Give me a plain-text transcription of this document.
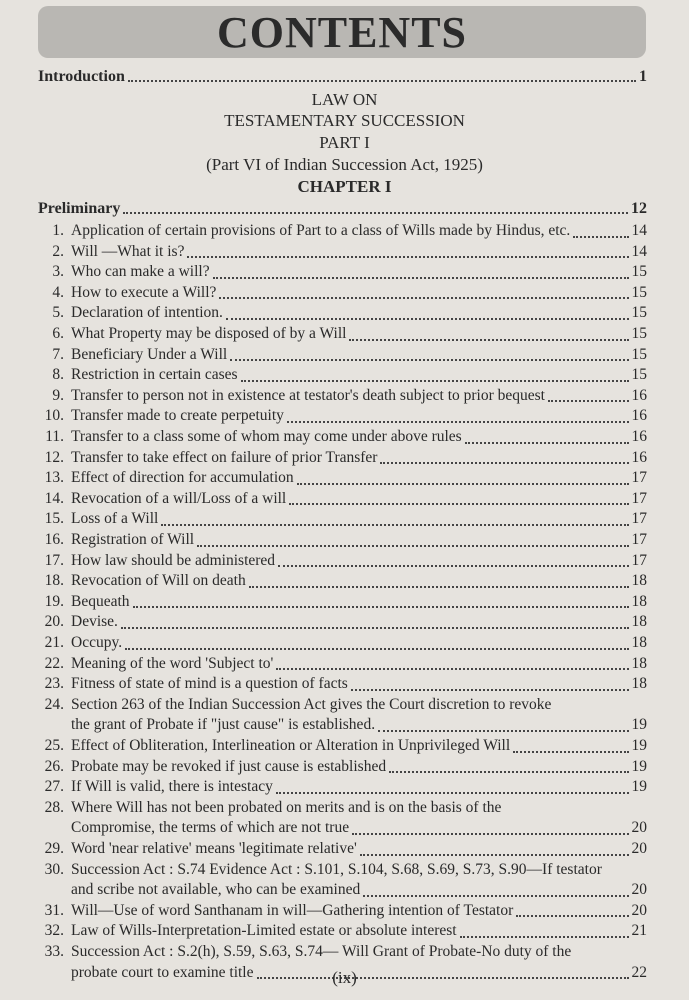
CONTENTS
Introduction	1
LAW ON
TESTAMENTARY SUCCESSION
PART I
(Part VI of Indian Succession Act, 1925)
CHAPTER I
Preliminary	12
1. Application of certain provisions of Part to a class of Wills made by Hindus, etc.	14
2. Will —What it is?	14
3. Who can make a will?	15
4. How to execute a Will?	15
5. Declaration of intention.	15
6. What Property may be disposed of by a Will	15
7. Beneficiary Under a Will	15
8. Restriction in certain cases	15
9. Transfer to person not in existence at testator's death subject to prior bequest	16
10. Transfer made to create perpetuity	16
11. Transfer to a class some of whom may come under above rules	16
12. Transfer to take effect on failure of prior Transfer	16
13. Effect of direction for accumulation	17
14. Revocation of a will/Loss of a will	17
15. Loss of a Will	17
16. Registration of Will	17
17. How law should be administered	17
18. Revocation of Will on death	18
19. Bequeath	18
20. Devise.	18
21. Occupy.	18
22. Meaning of the word 'Subject to'	18
23. Fitness of state of mind is a question of facts	18
24. Section 263 of the Indian Succession Act gives the Court discretion to revoke
the grant of Probate if "just cause" is established.	19
25. Effect of Obliteration, Interlineation or Alteration in Unprivileged Will	19
26. Probate may be revoked if just cause is established	19
27. If Will is valid, there is intestacy	19
28. Where Will has not been probated on merits and is on the basis of the
Compromise, the terms of which are not true	20
29. Word 'near relative' means 'legitimate relative'	20
30. Succession Act : S.74 Evidence Act : S.101, S.104, S.68, S.69, S.73, S.90—If testator
and scribe not available, who can be examined	20
31. Will—Use of word Santhanam in will—Gathering intention of Testator	20
32. Law of Wills-Interpretation-Limited estate or absolute interest	21
33. Succession Act : S.2(h), S.59, S.63, S.74— Will Grant of Probate-No duty of the
probate court to examine title	22
(ix)
